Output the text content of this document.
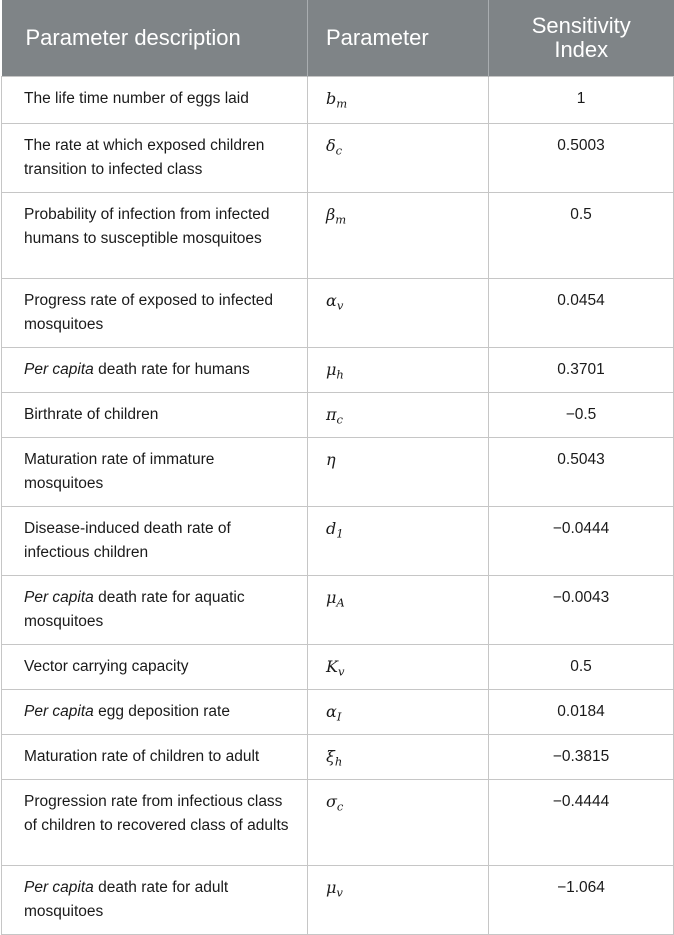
Parameter description	Parameter	Sensitivity
Index
The life time number of eggs laid	$b_m$	1
The rate at which exposed children transition to infected class	$\delta_c$	0.5003
Probability of infection from infected humans to susceptible mosquitoes	$\beta_m$	0.5
Progress rate of exposed to infected mosquitoes	$\alpha_v$	0.0454
Per capita death rate for humans	$\mu_h$	0.3701
Birthrate of children	$\pi_c$	−0.5
Maturation rate of immature mosquitoes	η	0.5043
Disease-induced death rate of infectious children	$d_1$	−0.0444
Per capita death rate for aquatic mosquitoes	$\mu_A$	−0.0043
Vector carrying capacity	$K_v$	0.5
Per capita egg deposition rate	$\alpha_I$	0.0184
Maturation rate of children to adult	$\xi_h$	−0.3815
Progression rate from infectious class of children to recovered class of adults	$\sigma_c$	−0.4444
Per capita death rate for adult mosquitoes	$\mu_v$	−1.064
